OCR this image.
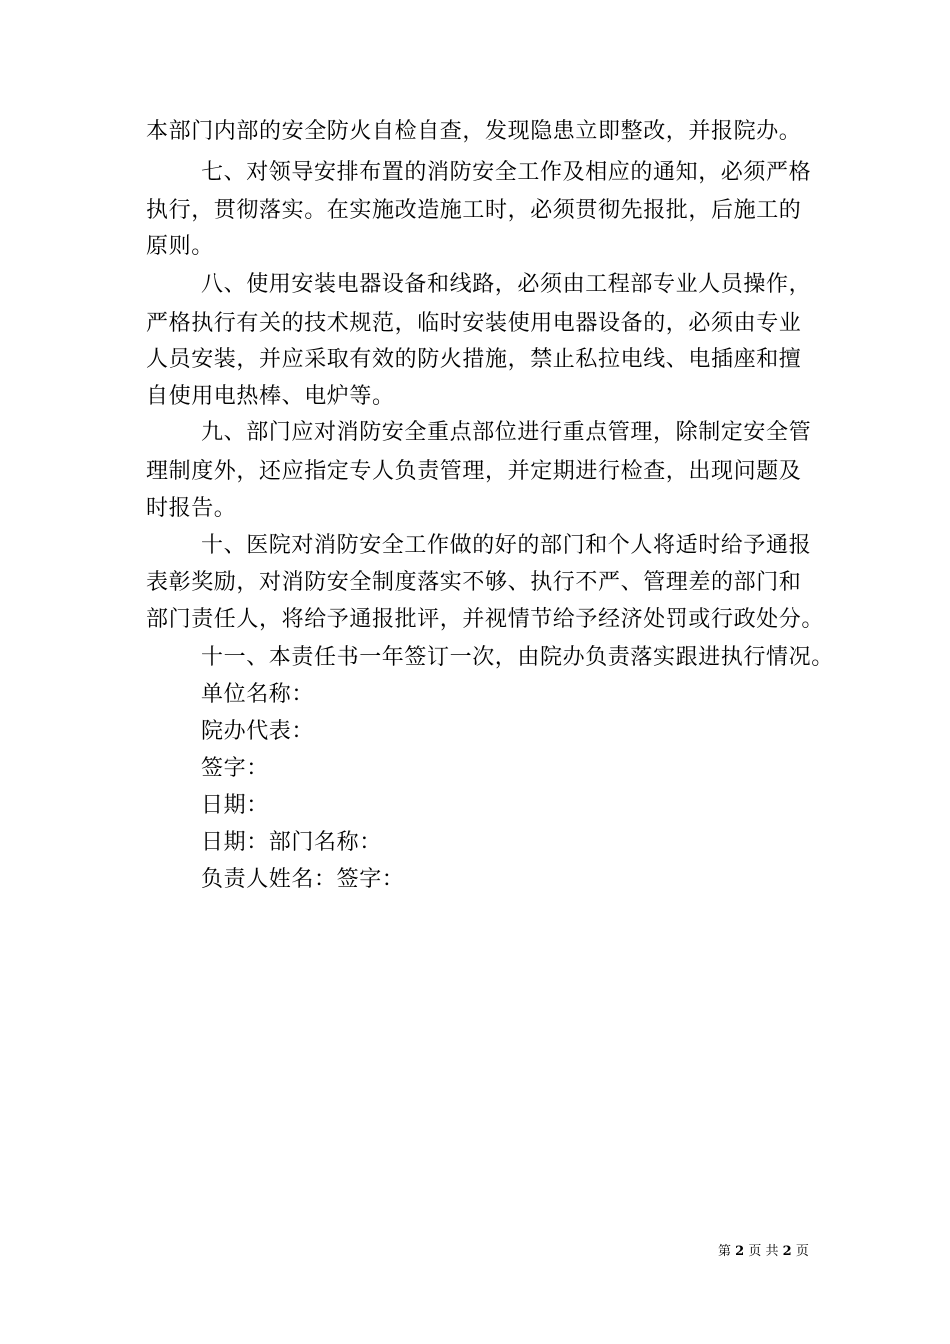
本部门内部的安全防火自检自查，发现隐患立即整改，并报院办。
七、对领导安排布置的消防安全工作及相应的通知，必须严格
执行，贯彻落实。在实施改造施工时，必须贯彻先报批，后施工的
原则。
八、使用安装电器设备和线路，必须由工程部专业人员操作，
严格执行有关的技术规范，临时安装使用电器设备的，必须由专业
人员安装，并应采取有效的防火措施，禁止私拉电线、电插座和擅
自使用电热棒、电炉等。
九、部门应对消防安全重点部位进行重点管理，除制定安全管
理制度外，还应指定专人负责管理，并定期进行检查，出现问题及
时报告。
十、医院对消防安全工作做的好的部门和个人将适时给予通报
表彰奖励，对消防安全制度落实不够、执行不严、管理差的部门和
部门责任人，将给予通报批评，并视情节给予经济处罚或行政处分。
十一、本责任书一年签订一次，由院办负责落实跟进执行情况。
单位名称：
院办代表：
签字：
日期：
日期：部门名称：
负责人姓名：签字：
第 2 页 共 2 页
